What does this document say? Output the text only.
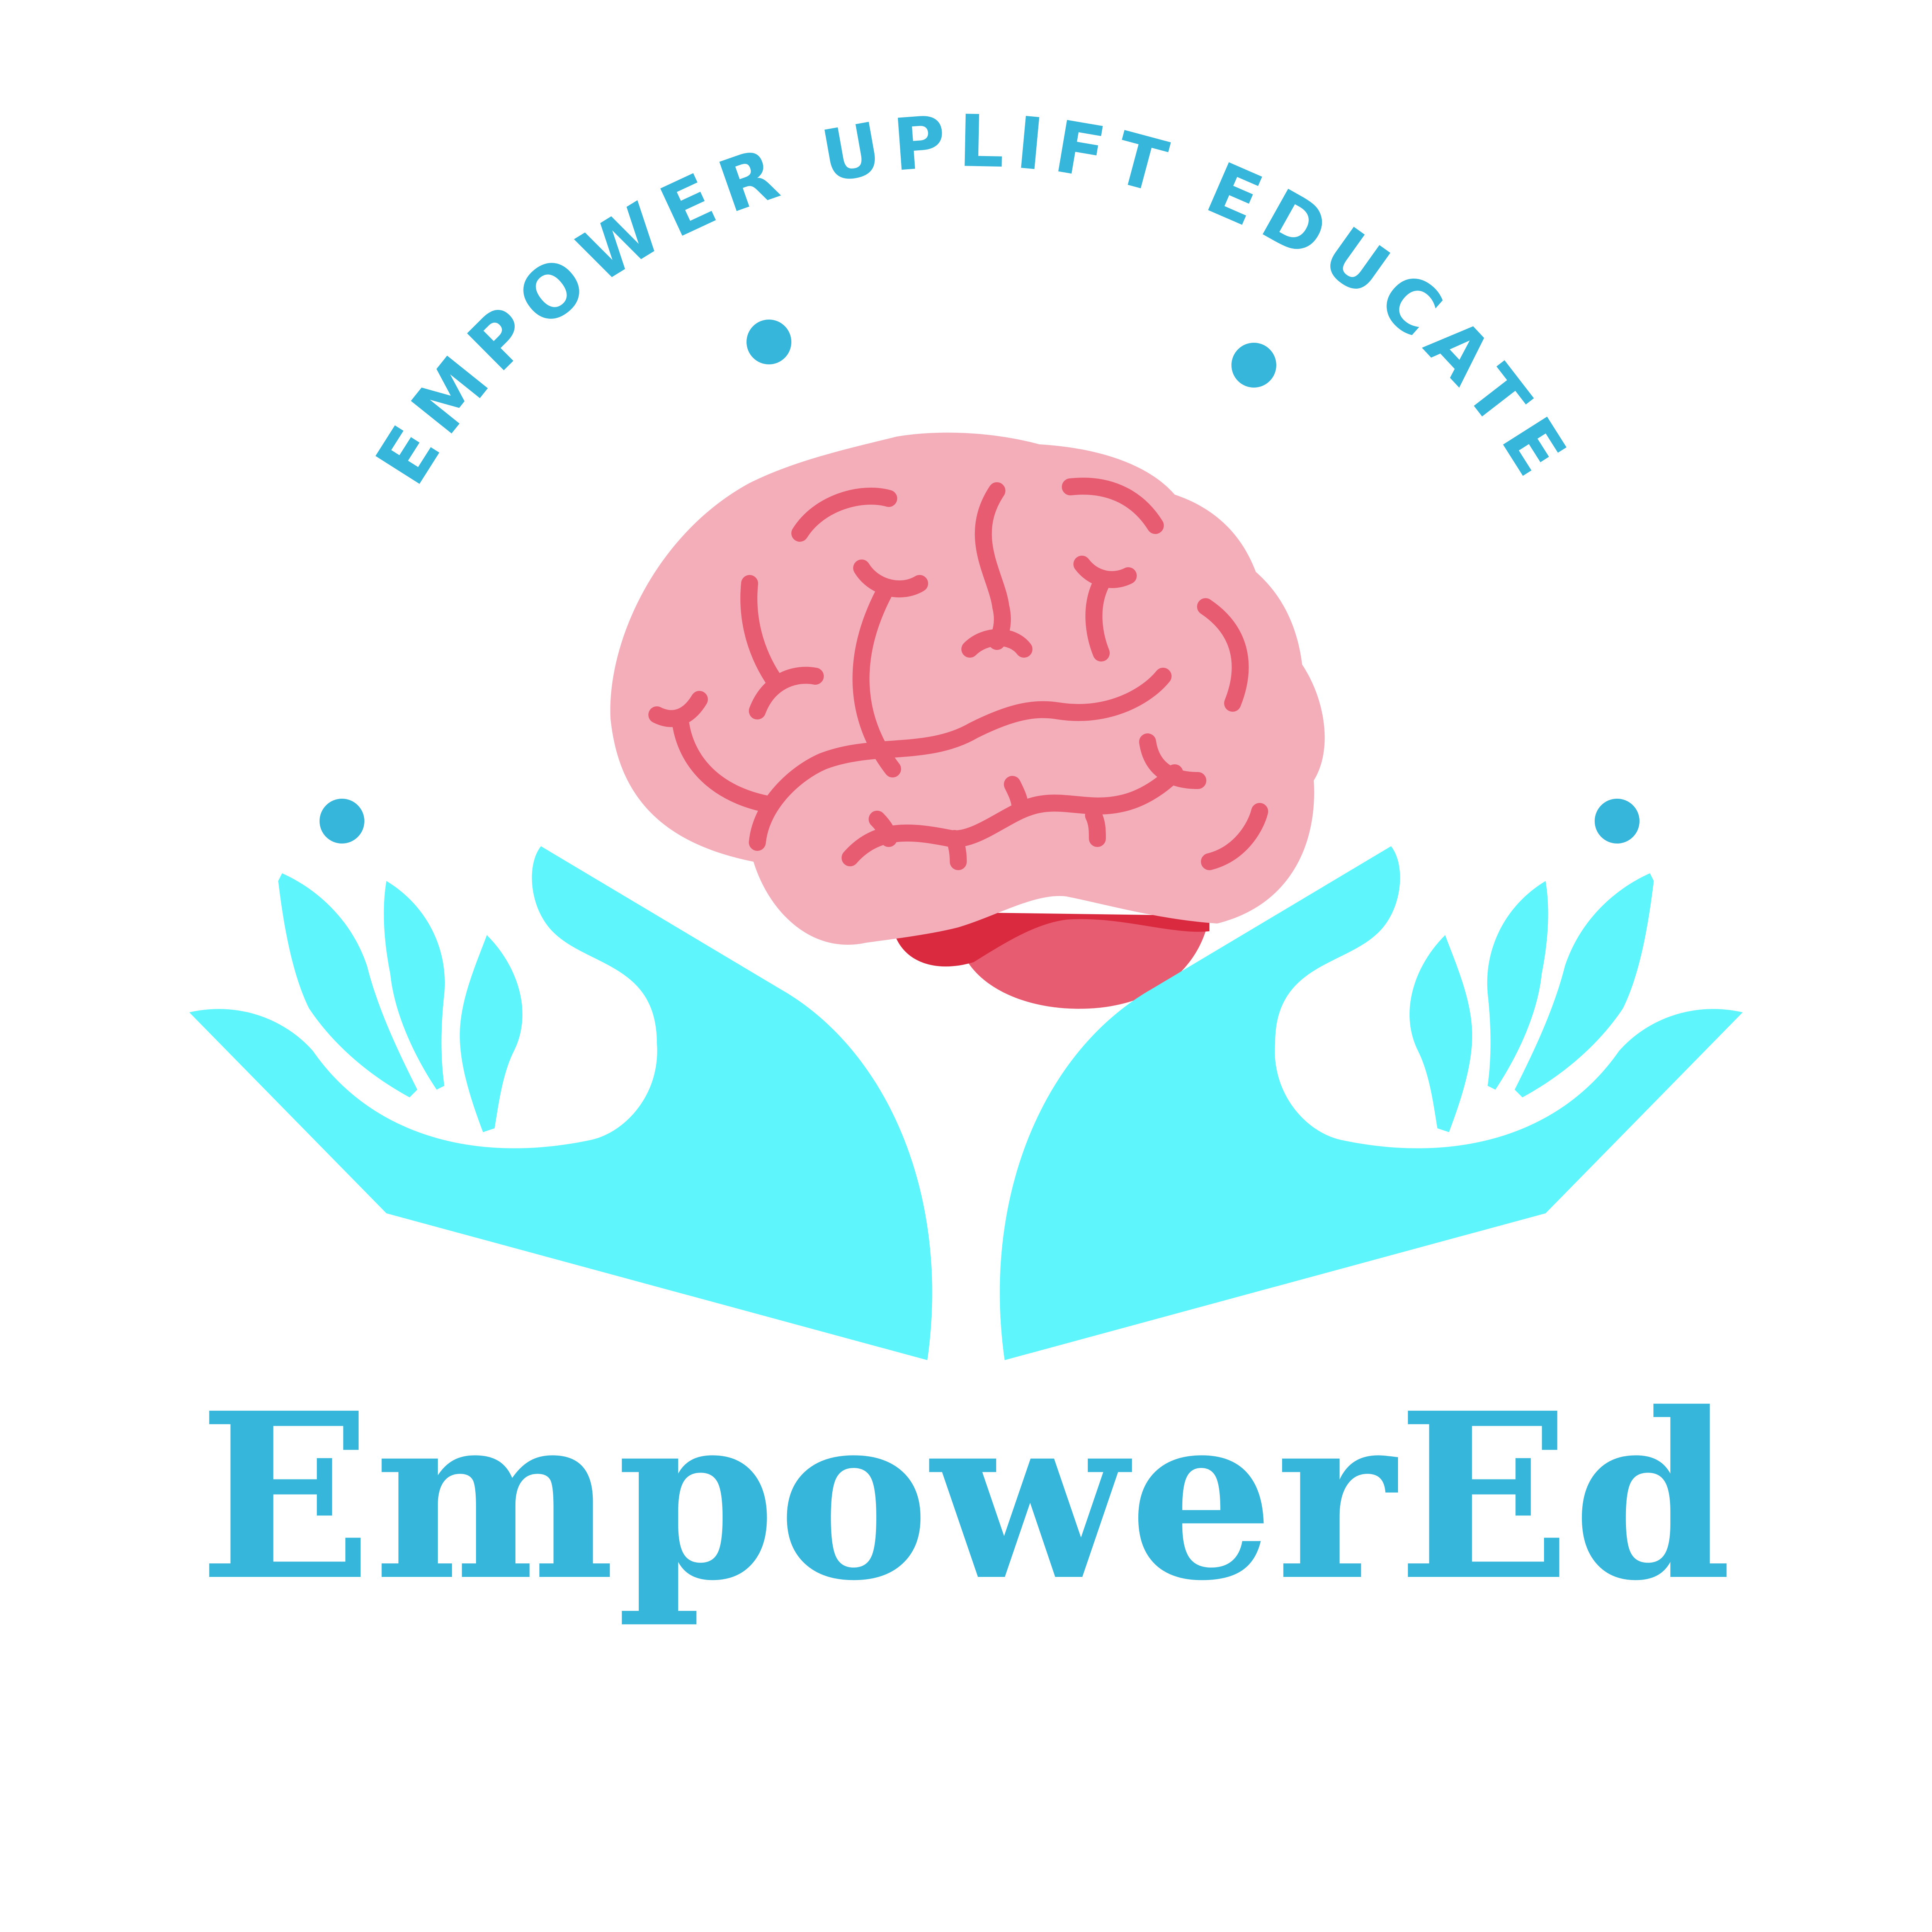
EMPOWER UPLIFT EDUCATE
EmpowerEd
